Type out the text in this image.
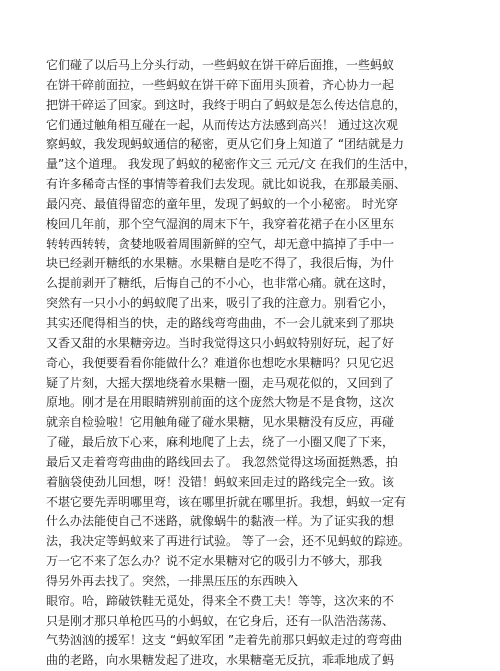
它们碰了以后马上分头行动，一些蚂蚁在饼干碎后面推，一些蚂蚁
在饼干碎前面拉，一些蚂蚁在饼干碎下面用头顶着，齐心协力一起
把饼干碎运了回家。到这时，我终于明白了蚂蚁是怎么传达信息的，
它们通过触角相互碰在一起，从而传达方法感到高兴！ 通过这次观
察蚂蚁，我发现蚂蚁通信的秘密，更从它们身上知道了 “团结就是力
量”这个道理。 我发现了蚂蚁的秘密作文三 元元/文 在我们的生活中，
有许多稀奇古怪的事情等着我们去发现。就比如说我，在那最美丽、
最闪亮、最值得留恋的童年里，发现了蚂蚁的一个小秘密。 时光穿
梭回几年前，那个空气湿润的周末下午，我穿着花裙子在小区里东
转转西转转，贪婪地吸着周围新鲜的空气，却无意中搞掉了手中一
块已经剥开糖纸的水果糖。水果糖自是吃不得了，我很后悔，为什
么提前剥开了糖纸，后悔自己的不小心，也非常心痛。就在这时，
突然有一只小小的蚂蚁爬了出来，吸引了我的注意力。别看它小，
其实还爬得相当的快，走的路线弯弯曲曲，不一会儿就来到了那块
又香又甜的水果糖旁边。当时我觉得这只小蚂蚁特别好玩，起了好
奇心，我便要看看你能做什么？难道你也想吃水果糖吗？只见它迟
疑了片刻，大摇大摆地绕着水果糖一圈，走马观花似的，又回到了
原地。刚才是在用眼睛辨别前面的这个庞然大物是不是食物，这次
就亲自检验啦！它用触角碰了碰水果糖，见水果糖没有反应，再碰
了碰，最后放下心来，麻利地爬了上去，绕了一小圈又爬了下来，
最后又走着弯弯曲曲的路线回去了。 我忽然觉得这场面挺熟悉，拍
着脑袋使劲儿回想，呀！没错！蚂蚁来回走过的路线完全一致。该
不堪它要先弄明哪里弯，该在哪里折就在哪里折。我想，蚂蚁一定有
什么办法能使自己不迷路，就像蜗牛的黏液一样。为了证实我的想
法，我决定等蚂蚁来了再进行试验。 等了一会，还不见蚂蚁的踪迹。
万一它不来了怎么办？说不定水果糖对它的吸引力不够大，那我
得另外再去找了。突然，一排黑压压的东西映入
眼帘。哈，蹄破铁鞋无觅处，得来全不费工夫！等等，这次来的不
只是刚才那只单枪匹马的小蚂蚁，在它身后，还有一队浩浩荡荡、
气势汹汹的援军！这支 “蚂蚁军团 ”走着先前那只蚂蚁走过的弯弯曲
曲的老路，向水果糖发起了进攻，水果糖毫无反抗，乖乖地成了蚂
